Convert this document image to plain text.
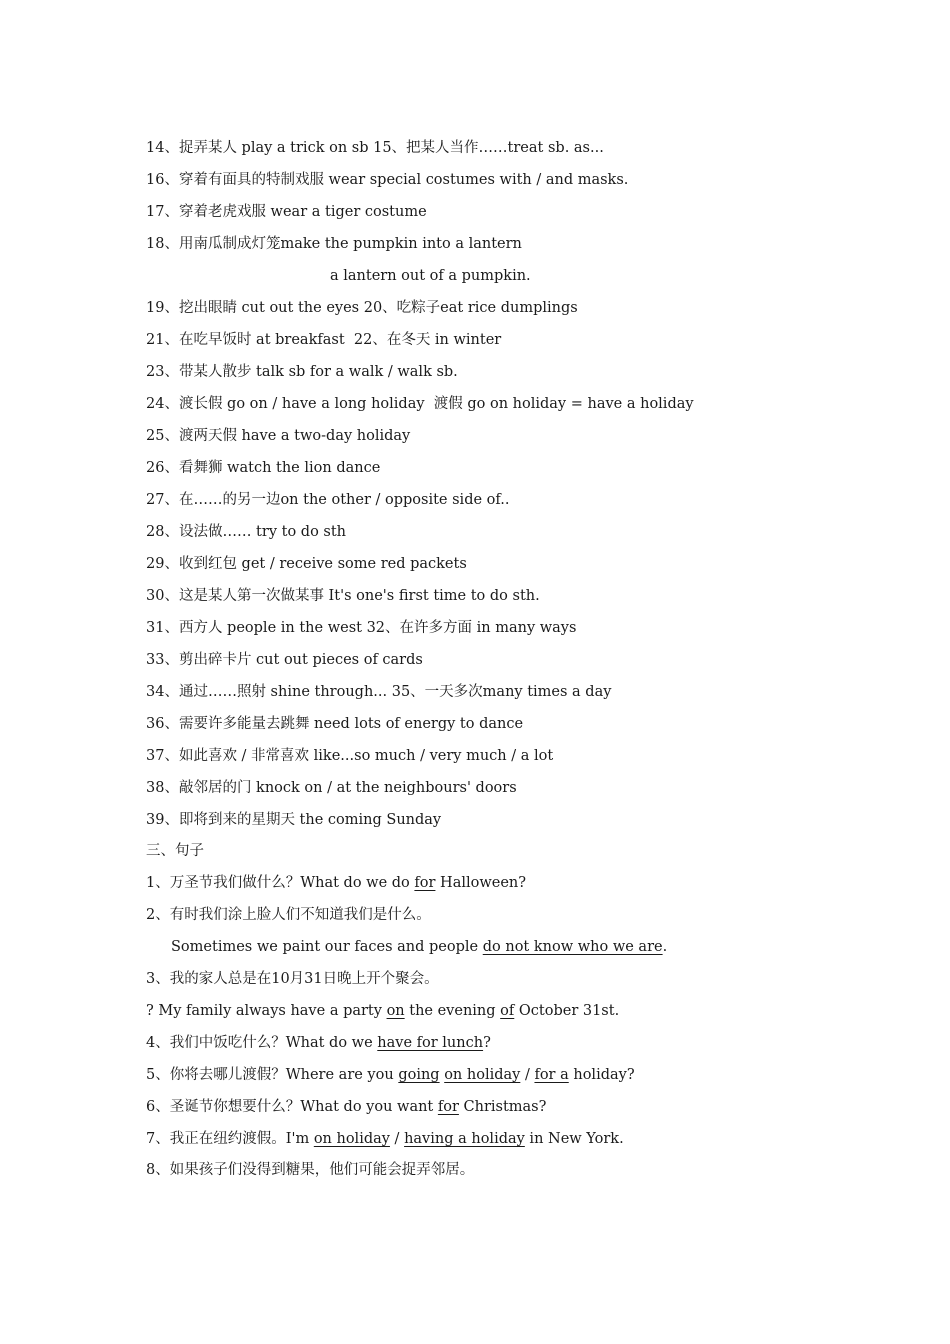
14、捉弄某人 play a trick on sb 15、把某人当作……treat sb. as...
16、穿着有面具的特制戏服 wear special costumes with / and masks.
17、穿着老虎戏服 wear a tiger costume
18、用南瓜制成灯笼make the pumpkin into a lantern
a lantern out of a pumpkin.
19、挖出眼睛 cut out the eyes 20、吃粽子eat rice dumplings
21、在吃早饭时 at breakfast  22、在冬天 in winter
23、带某人散步 talk sb for a walk / walk sb.
24、渡长假 go on / have a long holiday  渡假 go on holiday = have a holiday
25、渡两天假 have a two-day holiday
26、看舞狮 watch the lion dance
27、在……的另一边on the other / opposite side of..
28、设法做…… try to do sth
29、收到红包 get / receive some red packets
30、这是某人第一次做某事 It's one's first time to do sth.
31、西方人 people in the west 32、在许多方面 in many ways
33、剪出碎卡片 cut out pieces of cards
34、通过……照射 shine through... 35、一天多次many times a day
36、需要许多能量去跳舞 need lots of energy to dance
37、如此喜欢 / 非常喜欢 like...so much / very much / a lot
38、敲邻居的门 knock on / at the neighbours' doors
39、即将到来的星期天 the coming Sunday
三、句子
1、万圣节我们做什么？What do we do for Halloween?
2、有时我们涂上脸人们不知道我们是什么。
Sometimes we paint our faces and people do not know who we are.
3、我的家人总是在10月31日晚上开个聚会。
? My family always have a party on the evening of October 31st.
4、我们中饭吃什么？What do we have for lunch?
5、你将去哪儿渡假？Where are you going on holiday / for a holiday?
6、圣诞节你想要什么？What do you want for Christmas?
7、我正在纽约渡假。I'm on holiday / having a holiday in New York.
8、如果孩子们没得到糖果，他们可能会捉弄邻居。
